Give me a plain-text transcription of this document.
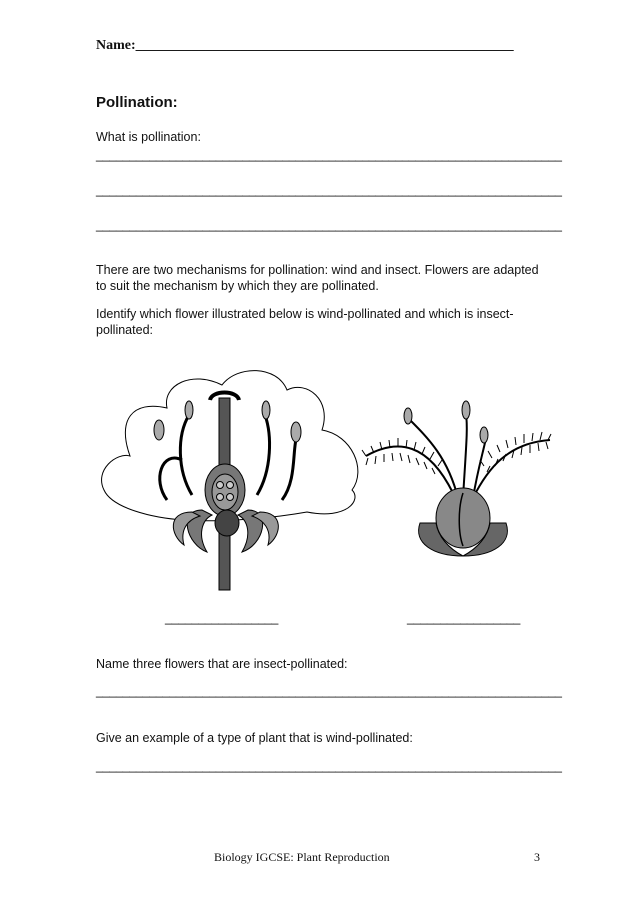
Name:______________________________________________________
Pollination:
What is pollination:
______________________________________________________________________
______________________________________________________________________
______________________________________________________________________
There are two mechanisms for pollination: wind and insect. Flowers are adapted to suit the mechanism by which they are pollinated.
Identify which flower illustrated below is wind-pollinated and which is insect-pollinated:
_________________	_________________
Name three flowers that are insect-pollinated:
______________________________________________________________________
Give an example of a type of plant that is wind-pollinated:
______________________________________________________________________
Biology IGCSE: Plant Reproduction	3
